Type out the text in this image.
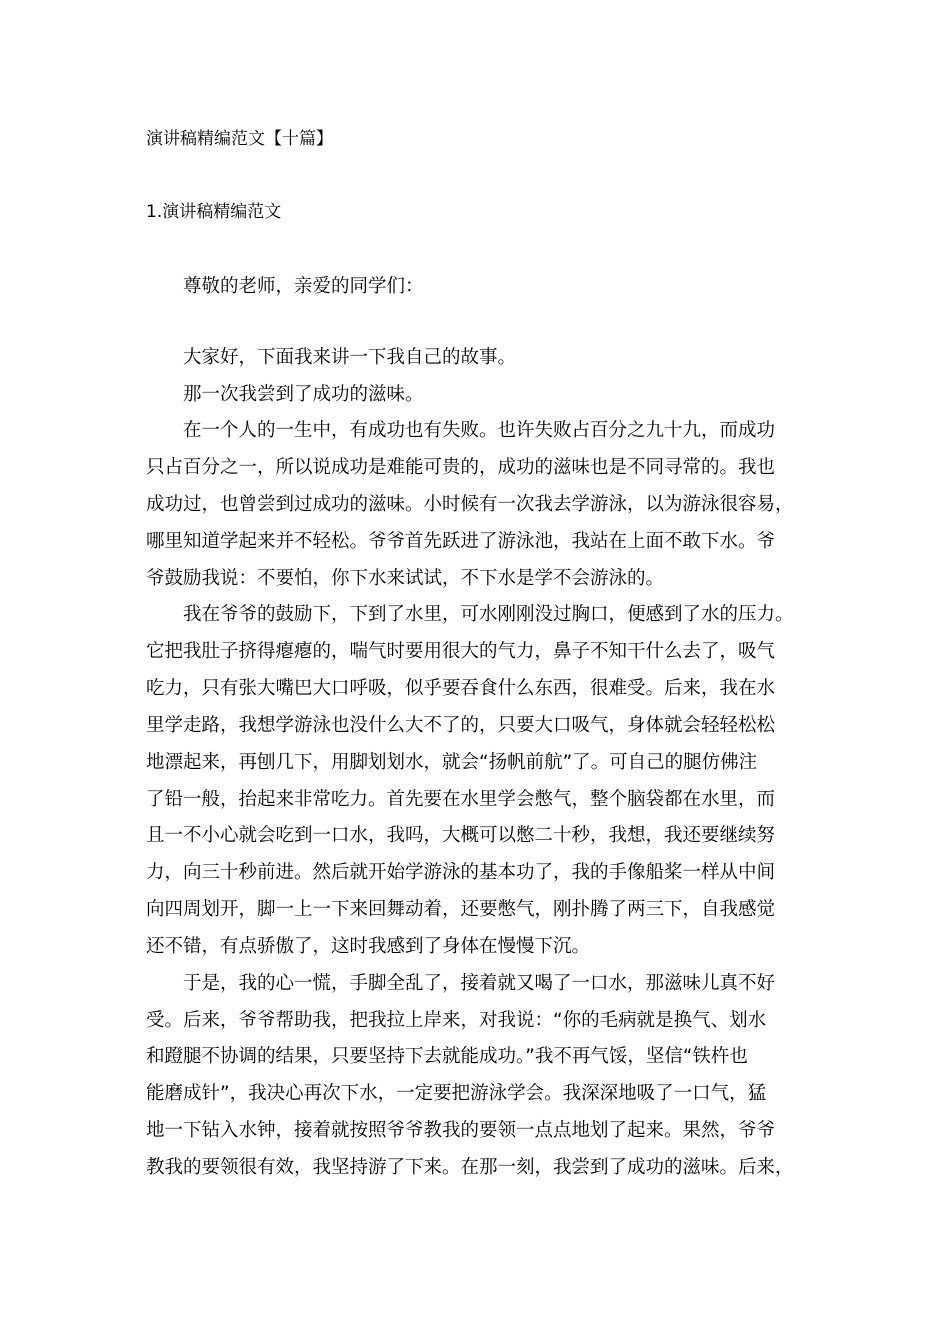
演讲稿精编范文【十篇】
1.演讲稿精编范文
尊敬的老师，亲爱的同学们：
大家好，下面我来讲一下我自己的故事。
那一次我尝到了成功的滋味。
在一个人的一生中，有成功也有失败。也许失败占百分之九十九，而成功
只占百分之一，所以说成功是难能可贵的，成功的滋味也是不同寻常的。我也
成功过，也曾尝到过成功的滋味。小时候有一次我去学游泳，以为游泳很容易，
哪里知道学起来并不轻松。爷爷首先跃进了游泳池，我站在上面不敢下水。爷
爷鼓励我说：不要怕，你下水来试试，不下水是学不会游泳的。
我在爷爷的鼓励下，下到了水里，可水刚刚没过胸口，便感到了水的压力。
它把我肚子挤得瘪瘪的，喘气时要用很大的气力，鼻子不知干什么去了，吸气
吃力，只有张大嘴巴大口呼吸，似乎要吞食什么东西，很难受。后来，我在水
里学走路，我想学游泳也没什么大不了的，只要大口吸气，身体就会轻轻松松
地漂起来，再刨几下，用脚划划水，就会“扬帆前航”了。可自己的腿仿佛注
了铅一般，抬起来非常吃力。首先要在水里学会憋气，整个脑袋都在水里，而
且一不小心就会吃到一口水，我吗，大概可以憋二十秒，我想，我还要继续努
力，向三十秒前进。然后就开始学游泳的基本功了，我的手像船桨一样从中间
向四周划开，脚一上一下来回舞动着，还要憋气，刚扑腾了两三下，自我感觉
还不错，有点骄傲了，这时我感到了身体在慢慢下沉。
于是，我的心一慌，手脚全乱了，接着就又喝了一口水，那滋味儿真不好
受。后来，爷爷帮助我，把我拉上岸来，对我说：“你的毛病就是换气、划水
和蹬腿不协调的结果，只要坚持下去就能成功。”我不再气馁，坚信“铁杵也
能磨成针”，我决心再次下水，一定要把游泳学会。我深深地吸了一口气，猛
地一下钻入水钟，接着就按照爷爷教我的要领一点点地划了起来。果然，爷爷
教我的要领很有效，我坚持游了下来。在那一刻，我尝到了成功的滋味。后来，
